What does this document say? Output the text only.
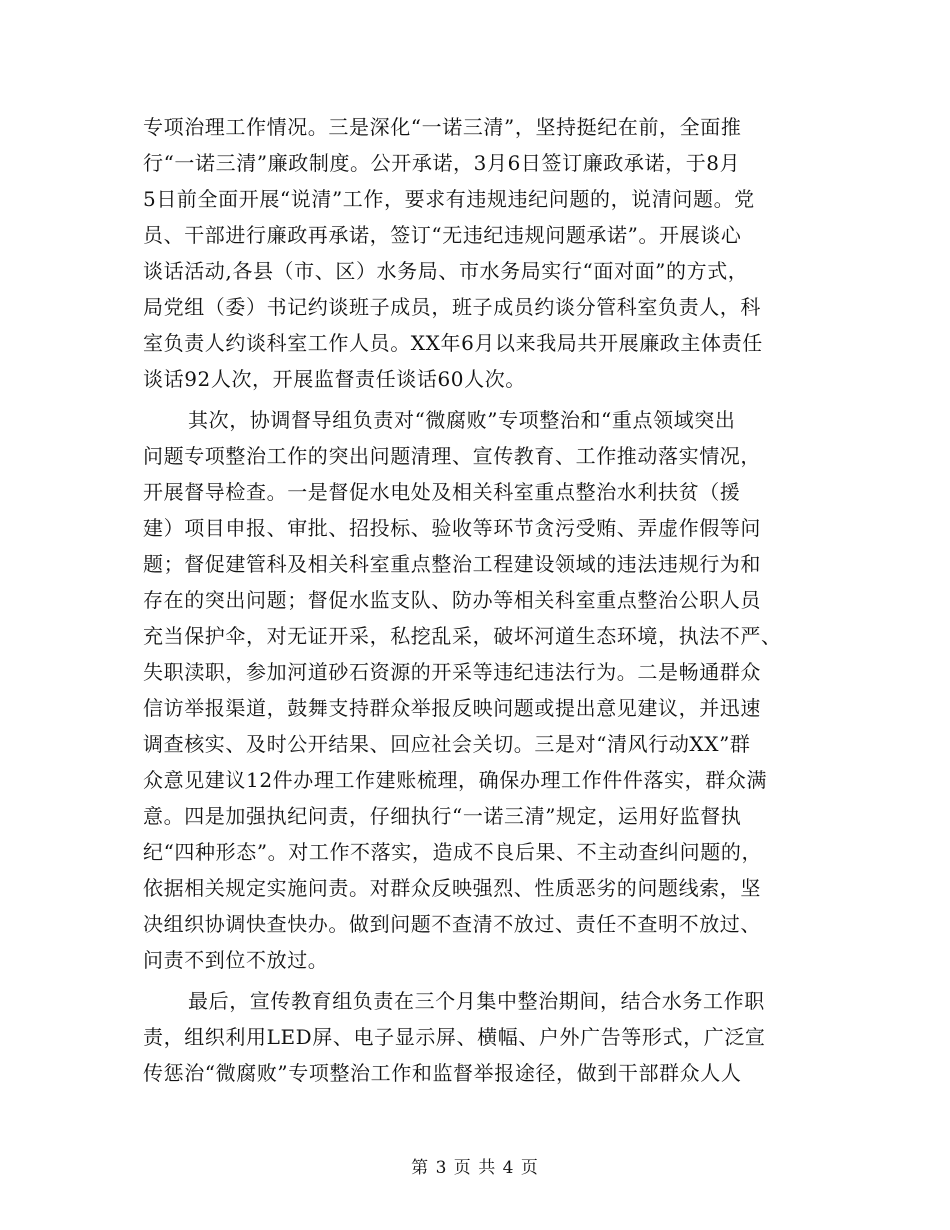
专项治理工作情况。三是深化“一诺三清”，坚持挺纪在前，全面推
行“一诺三清”廉政制度。公开承诺，3月6日签订廉政承诺，于8月
5日前全面开展“说清”工作，要求有违规违纪问题的，说清问题。党
员、干部进行廉政再承诺，签订“无违纪违规问题承诺”。开展谈心
谈话活动,各县（市、区）水务局、市水务局实行“面对面”的方式，
局党组（委）书记约谈班子成员，班子成员约谈分管科室负责人，科
室负责人约谈科室工作人员。XX年6月以来我局共开展廉政主体责任
谈话92人次，开展监督责任谈话60人次。
其次，协调督导组负责对“微腐败”专项整治和“重点领域突出
问题专项整治工作的突出问题清理、宣传教育、工作推动落实情况，
开展督导检查。一是督促水电处及相关科室重点整治水利扶贫（援
建）项目申报、审批、招投标、验收等环节贪污受贿、弄虚作假等问
题；督促建管科及相关科室重点整治工程建设领域的违法违规行为和
存在的突出问题；督促水监支队、防办等相关科室重点整治公职人员
充当保护伞，对无证开采，私挖乱采，破坏河道生态环境，执法不严、
失职渎职，参加河道砂石资源的开采等违纪违法行为。二是畅通群众
信访举报渠道，鼓舞支持群众举报反映问题或提出意见建议，并迅速
调查核实、及时公开结果、回应社会关切。三是对“清风行动XX”群
众意见建议12件办理工作建账梳理，确保办理工作件件落实，群众满
意。四是加强执纪问责，仔细执行“一诺三清”规定，运用好监督执
纪“四种形态”。对工作不落实，造成不良后果、不主动查纠问题的，
依据相关规定实施问责。对群众反映强烈、性质恶劣的问题线索，坚
决组织协调快查快办。做到问题不查清不放过、责任不查明不放过、
问责不到位不放过。
最后，宣传教育组负责在三个月集中整治期间，结合水务工作职
责，组织利用LED屏、电子显示屏、横幅、户外广告等形式，广泛宣
传惩治“微腐败”专项整治工作和监督举报途径，做到干部群众人人
第 3 页 共 4 页
